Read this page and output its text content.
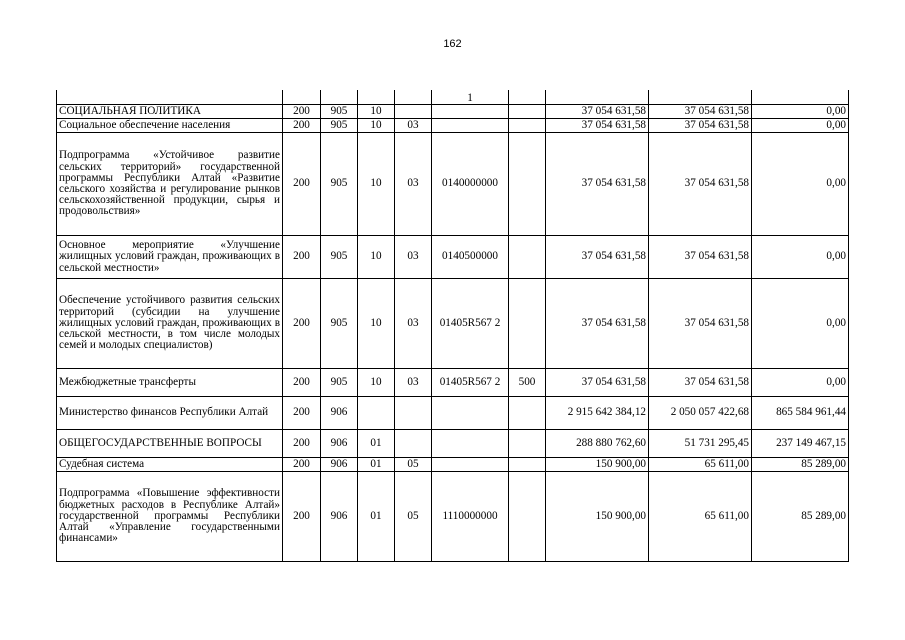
162
					1				
СОЦИАЛЬНАЯ ПОЛИТИКА	200	905	10				37 054 631,58	37 054 631,58	0,00
Социальное обеспечение населения	200	905	10	03			37 054 631,58	37 054 631,58	0,00
Подпрограмма «Устойчивое развитие сельских территорий» государственной программы Республики Алтай «Развитие сельского хозяйства и регулирование рынков сельскохозяйственной продукции, сырья и продовольствия»	200	905	10	03	0140000000		37 054 631,58	37 054 631,58	0,00
Основное мероприятие «Улучшение жилищных условий граждан, проживающих в сельской местности»	200	905	10	03	0140500000		37 054 631,58	37 054 631,58	0,00
Обеспечение устойчивого развития сельских территорий (субсидии на улучшение жилищных условий граждан, проживающих в сельской местности, в том числе молодых семей и молодых специалистов)	200	905	10	03	01405R567 2		37 054 631,58	37 054 631,58	0,00
Межбюджетные трансферты	200	905	10	03	01405R567 2	500	37 054 631,58	37 054 631,58	0,00
Министерство финансов Республики Алтай	200	906					2 915 642 384,12	2 050 057 422,68	865 584 961,44
ОБЩЕГОСУДАРСТВЕННЫЕ ВОПРОСЫ	200	906	01				288 880 762,60	51 731 295,45	237 149 467,15
Судебная система	200	906	01	05			150 900,00	65 611,00	85 289,00
Подпрограмма «Повышение эффективности бюджетных расходов в Республике Алтай» государственной программы Республики Алтай «Управление государственными финансами»	200	906	01	05	1110000000		150 900,00	65 611,00	85 289,00
